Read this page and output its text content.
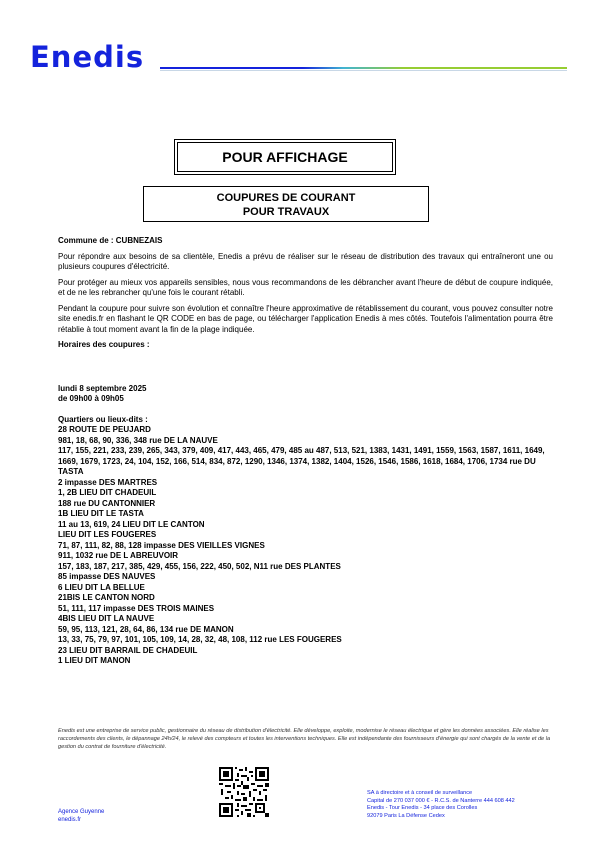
Enedis
POUR AFFICHAGE
COUPURES DE COURANT
POUR TRAVAUX

Commune de : CUBNEZAIS

Pour répondre aux besoins de sa clientèle, Enedis a prévu de réaliser sur le réseau de distribution des travaux qui entraîneront une ou plusieurs coupures d'électricité.

Pour protéger au mieux vos appareils sensibles, nous vous recommandons de les débrancher avant l'heure de début de coupure indiquée, et de ne les rebrancher qu'une fois le courant rétabli.

Pendant la coupure pour suivre son évolution et connaître l'heure approximative de rétablissement du courant, vous pouvez consulter notre site enedis.fr en flashant le QR CODE en bas de page, ou télécharger l'application Enedis à mes côtés. Toutefois l'alimentation pourra être rétablie à tout moment avant la fin de la plage indiquée.

Horaires des coupures :

lundi 8 septembre 2025
de 09h00 à 09h05
Quartiers ou lieux-dits :
28 ROUTE DE PEUJARD
981, 18, 68, 90, 336, 348 rue DE LA NAUVE
117, 155, 221, 233, 239, 265, 343, 379, 409, 417, 443, 465, 479, 485 au 487, 513, 521, 1383, 1431, 1491, 1559, 1563, 1587, 1611, 1649, 1669, 1679, 1723, 24, 104, 152, 166, 514, 834, 872, 1290, 1346, 1374, 1382, 1404, 1526, 1546, 1586, 1618, 1684, 1706, 1734 rue DU TASTA
2 impasse DES MARTRES
1, 2B LIEU DIT CHADEUIL
188 rue DU CANTONNIER
1B LIEU DIT LE TASTA
11 au 13, 619, 24 LIEU DIT LE CANTON
LIEU DIT LES FOUGERES
71, 87, 111, 82, 88, 128 impasse DES VIEILLES VIGNES
911, 1032 rue DE L ABREUVOIR
157, 183, 187, 217, 385, 429, 455, 156, 222, 450, 502, N11 rue DES PLANTES
85 impasse DES NAUVES
6 LIEU DIT LA BELLUE
21BIS LE CANTON NORD
51, 111, 117 impasse DES TROIS MAINES
4BIS LIEU DIT LA NAUVE
59, 95, 113, 121, 28, 64, 86, 134 rue DE MANON
13, 33, 75, 79, 97, 101, 105, 109, 14, 28, 32, 48, 108, 112 rue LES FOUGERES
23 LIEU DIT BARRAIL DE CHADEUIL
1 LIEU DIT MANON
Enedis est une entreprise de service public, gestionnaire du réseau de distribution d'électricité. Elle développe, exploite, modernise le réseau électrique et gère les données associées. Elle réalise les raccordements des clients, le dépannage 24h/24, le relevé des compteurs et toutes les interventions techniques. Elle est indépendante des fournisseurs d'énergie qui sont chargés de la vente et de la gestion du contrat de fourniture d'électricité.
Agence Guyenne
enedis.fr
SA à directoire et à conseil de surveillance
Capital de 270 037 000 € - R.C.S. de Nanterre 444 608 442
Enedis - Tour Enedis - 34 place des Corolles
92079 Paris La Défense Cedex
